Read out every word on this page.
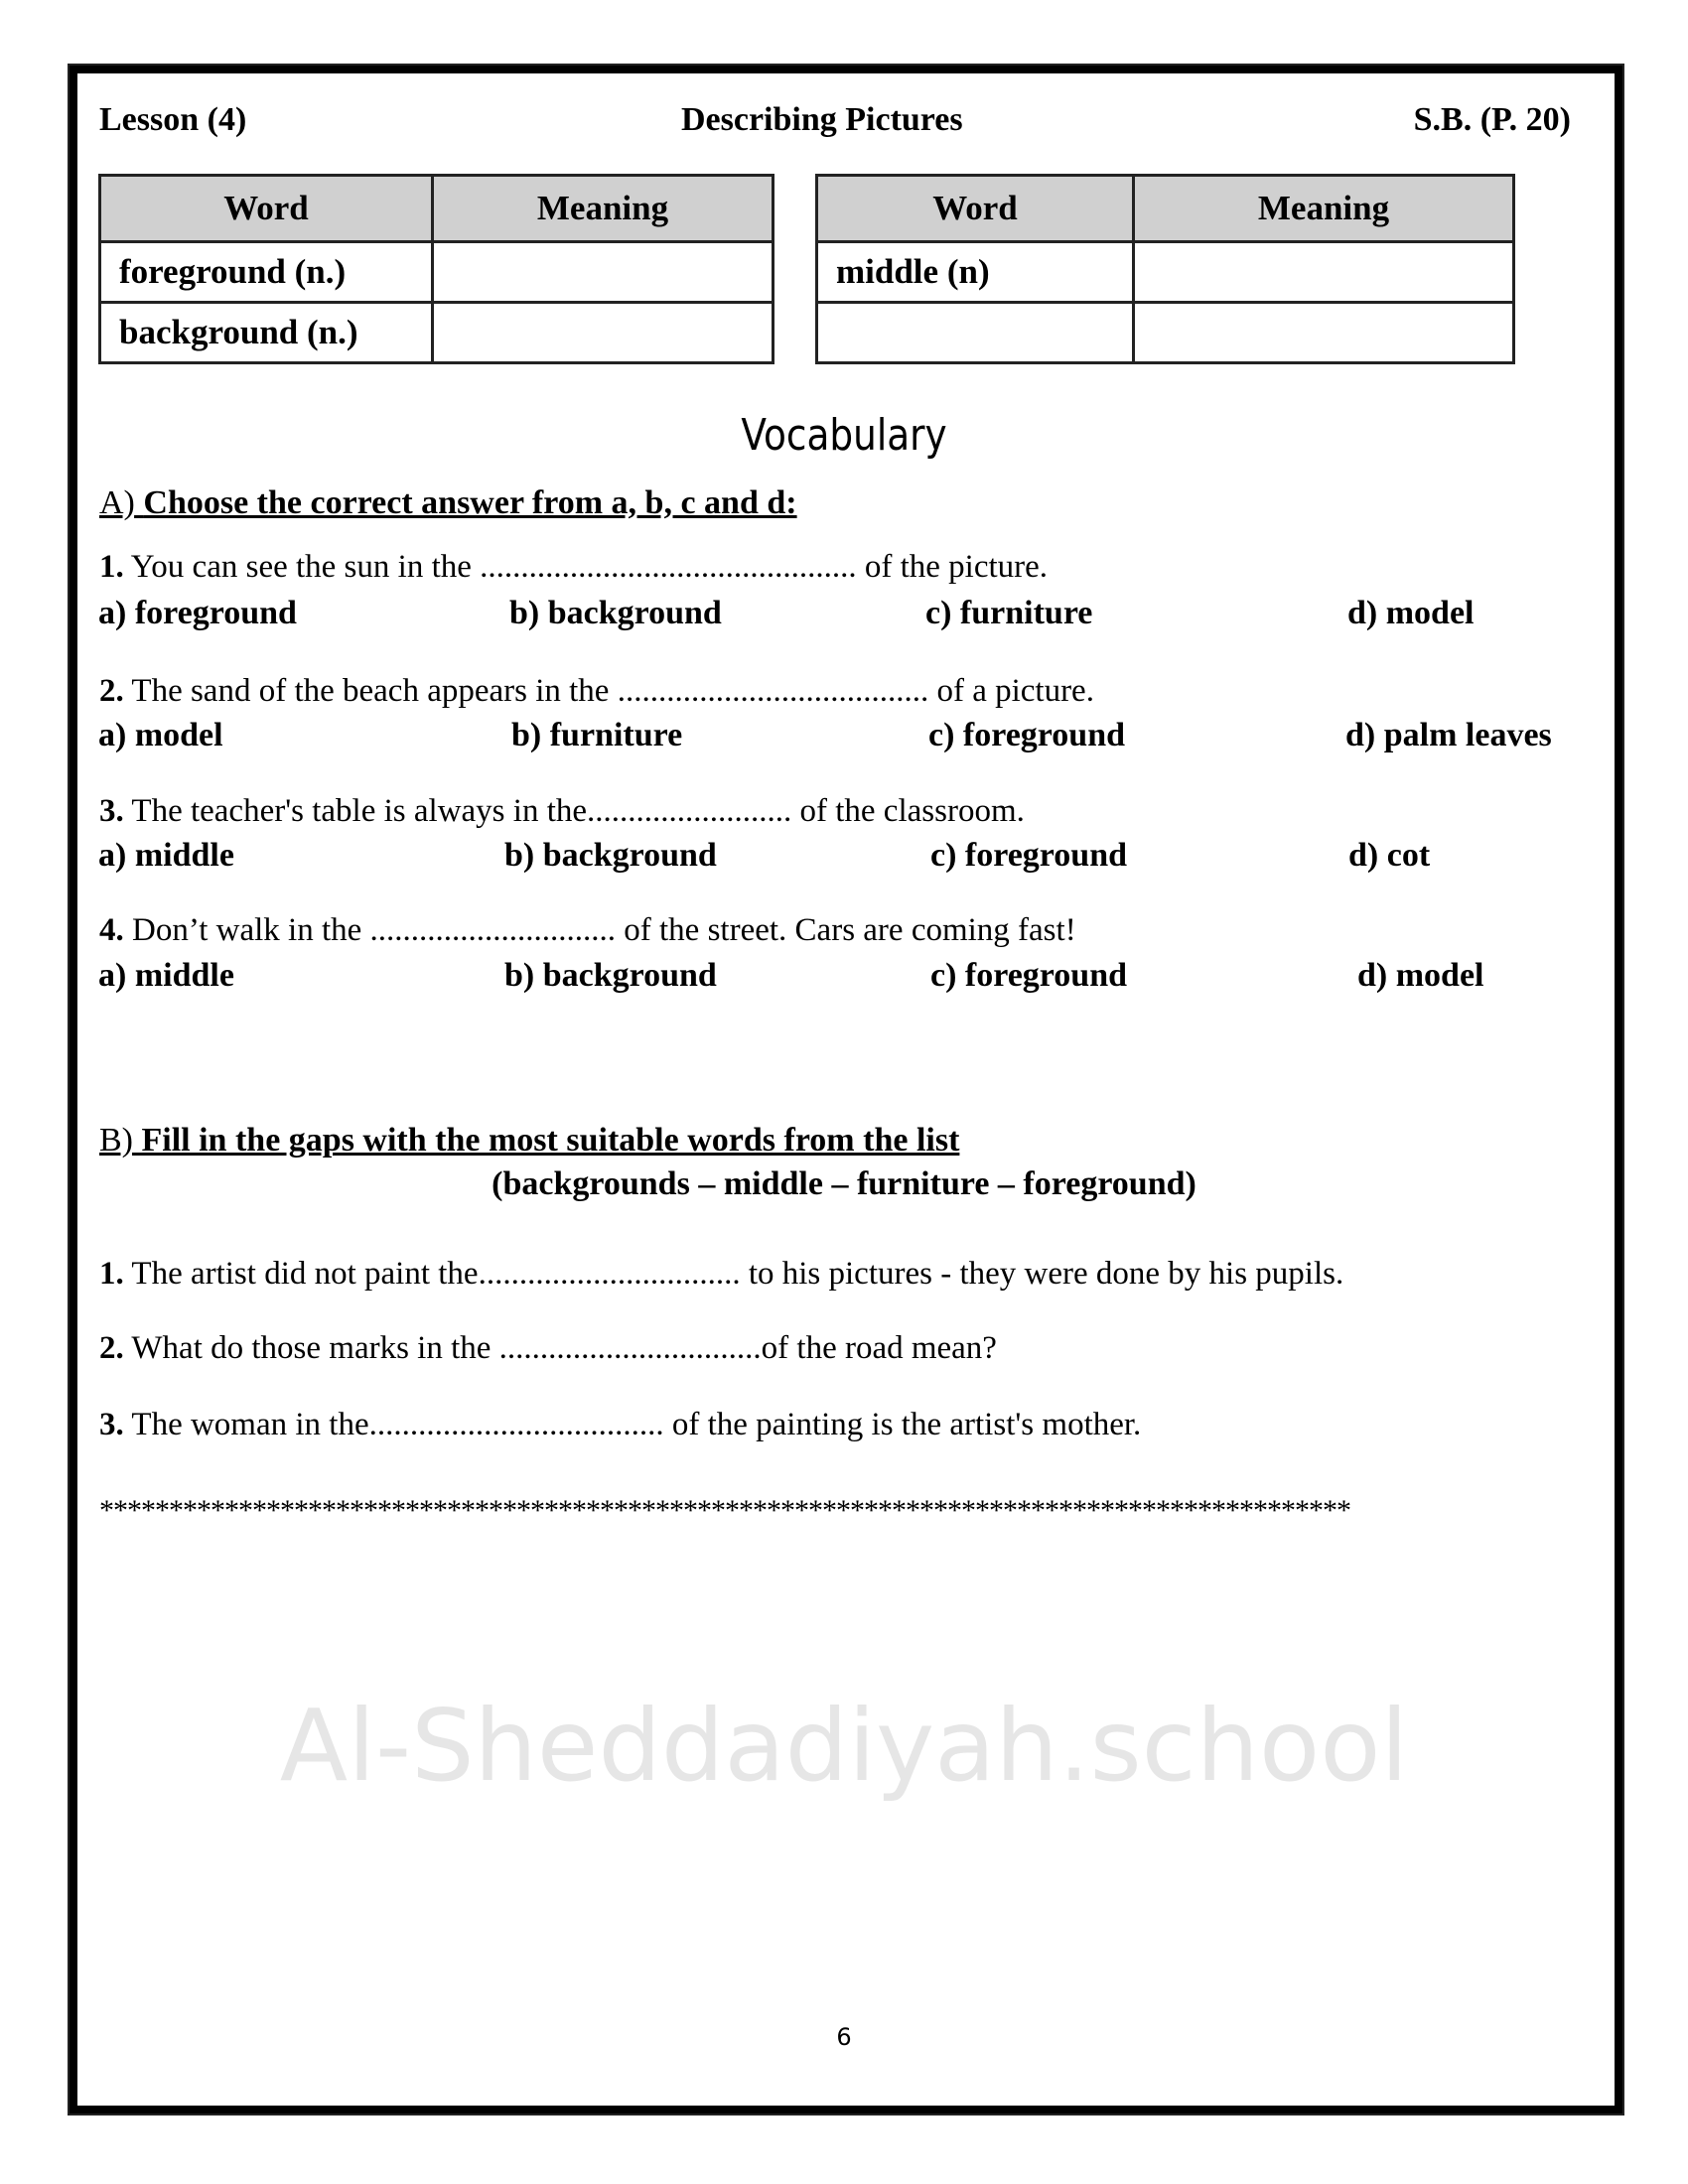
Al-Sheddadiyah.school
Lesson (4)	Describing Pictures	S.B. (P. 20)
Word	Meaning
foreground (n.)	
background (n.)	
Word	Meaning
middle (n)	

Vocabulary
A) Choose the correct answer from a, b, c and d:
1. You can see the sun in the .............................................. of the picture.
a) foreground	b) background	c) furniture	d) model
2. The sand of the beach appears in the ...................................... of a picture.
a) model	b) furniture	c) foreground	d) palm leaves
3. The teacher's table is always in the......................... of the classroom.
a) middle	b) background	c) foreground	d) cot
4. Don’t walk in the .............................. of the street. Cars are coming fast!
a) middle	b) background	c) foreground	d) model
B) Fill in the gaps with the most suitable words from the list
(backgrounds – middle – furniture – foreground)
1. The artist did not paint the................................ to his pictures - they were done by his pupils.
2. What do those marks in the ................................of the road mean?
3. The woman in the.................................... of the painting is the artist's mother.
******************************************************************************************
6
